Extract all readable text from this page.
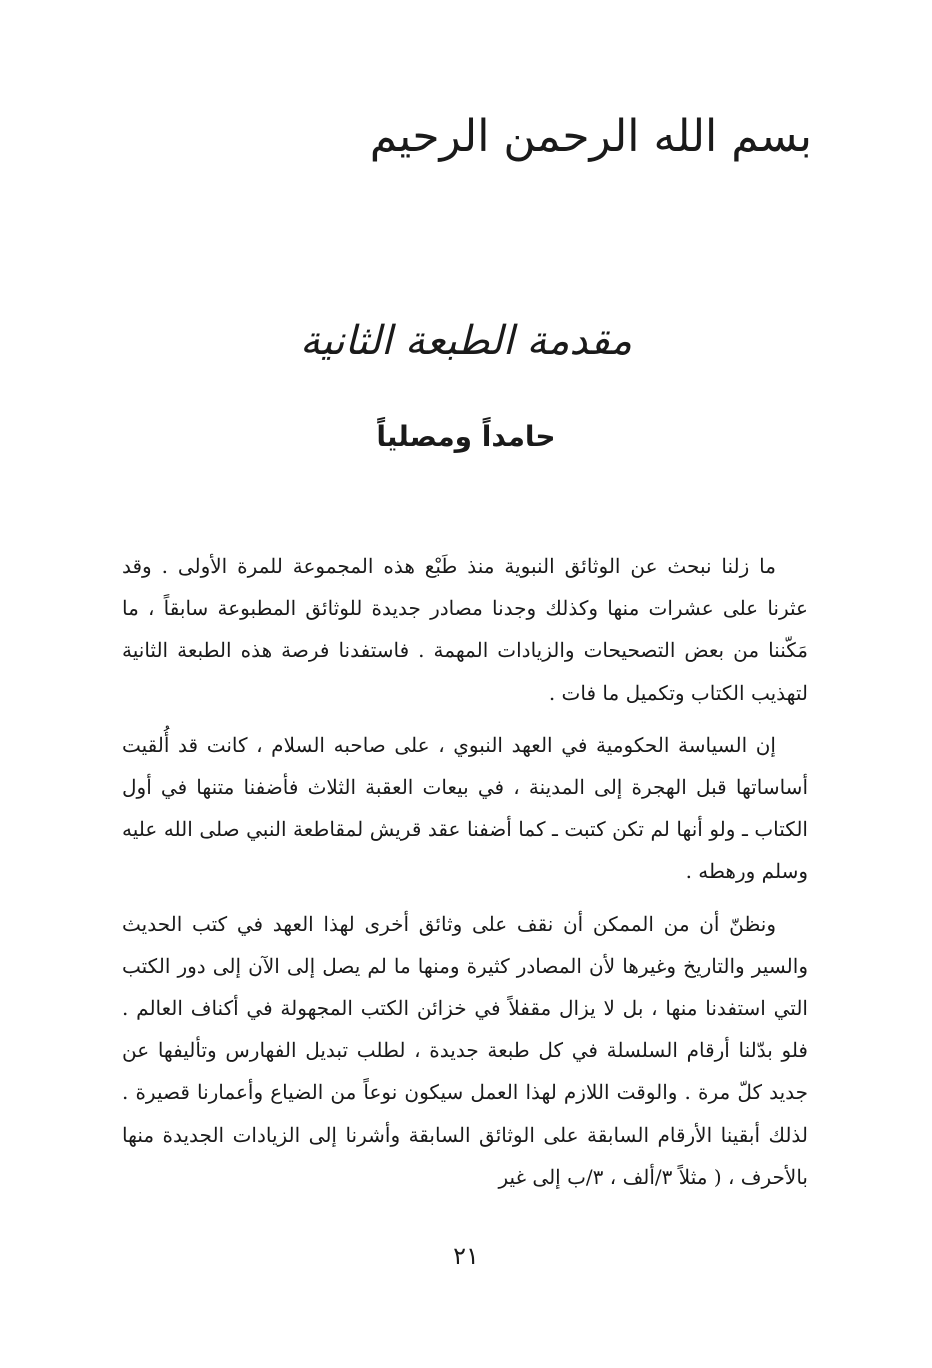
بسم الله الرحمن الرحيم
مقدمة الطبعة الثانية
حامداً ومصلياً

ما زلنا نبحث عن الوثائق النبوية منذ طَبْع هذه المجموعة للمرة الأولى . وقد عثرنا على عشرات منها وكذلك وجدنا مصادر جديدة للوثائق المطبوعة سابقاً ، ما مَكّننا من بعض التصحيحات والزيادات المهمة . فاستفدنا فرصة هذه الطبعة الثانية لتهذيب الكتاب وتكميل ما فات .

إن السياسة الحكومية في العهد النبوي ، على صاحبه السلام ، كانت قد أُلقيت أساساتها قبل الهجرة إلى المدينة ، في بيعات العقبة الثلاث فأضفنا متنها في أول الكتاب ـ ولو أنها لم تكن كتبت ـ كما أضفنا عقد قريش لمقاطعة النبي صلى الله عليه وسلم ورهطه .

ونظنّ أن من الممكن أن نقف على وثائق أخرى لهذا العهد في كتب الحديث والسير والتاريخ وغيرها لأن المصادر كثيرة ومنها ما لم يصل إلى الآن إلى دور الكتب التي استفدنا منها ، بل لا يزال مقفلاً في خزائن الكتب المجهولة في أكناف العالم . فلو بدّلنا أرقام السلسلة في كل طبعة جديدة ، لطلب تبديل الفهارس وتأليفها عن جديد كلّ مرة . والوقت اللازم لهذا العمل سيكون نوعاً من الضياع وأعمارنا قصيرة . لذلك أبقينا الأرقام السابقة على الوثائق السابقة وأشرنا إلى الزيادات الجديدة منها بالأحرف ، ( مثلاً ٣/ألف ، ٣/ب إلى غير

٢١
